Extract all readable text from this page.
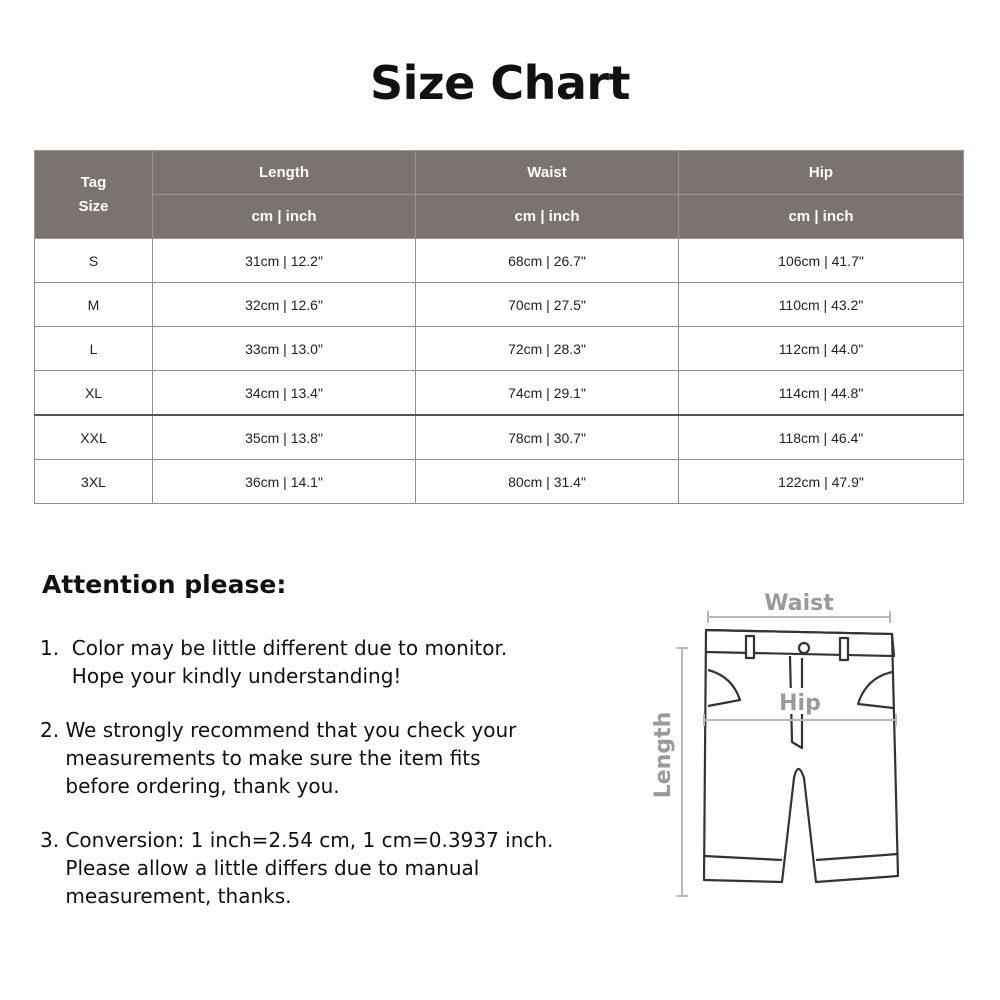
Size Chart
Tag
Size	Length	Waist	Hip
	cm | inch	cm | inch	cm | inch
S	31cm | 12.2"	68cm | 26.7"	106cm | 41.7"
M	32cm | 12.6"	70cm | 27.5"	110cm | 43.2"
L	33cm | 13.0"	72cm | 28.3"	112cm | 44.0"
XL	34cm | 13.4"	74cm | 29.1"	114cm | 44.8"
XXL	35cm | 13.8"	78cm | 30.7"	118cm | 46.4"
3XL	36cm | 14.1"	80cm | 31.4"	122cm | 47.9"
Attention please:
1.  Color may be little different due to monitor.
Hope your kindly understanding!
2. We strongly recommend that you check your
measurements to make sure the item fits
before ordering, thank you.
3. Conversion: 1 inch=2.54 cm, 1 cm=0.3937 inch.
Please allow a little differs due to manual
measurement, thanks.
Waist
Length
Hip
